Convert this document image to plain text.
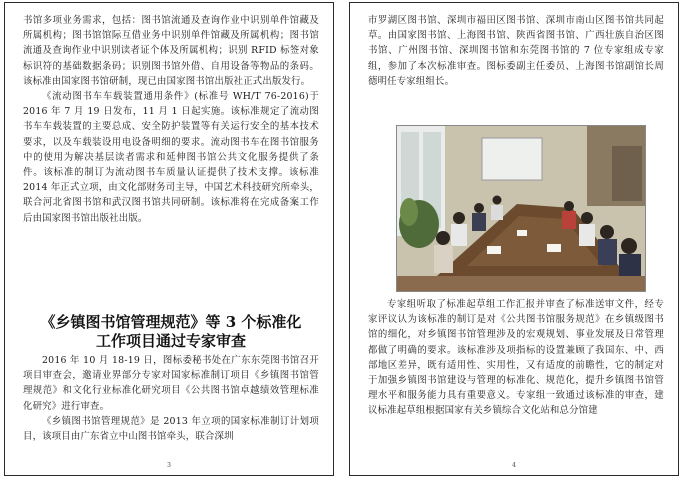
书馆多项业务需求，包括：图书馆流通及查询作业中识别单件馆藏及所属机构；图书馆馆际互借业务中识别单件馆藏及所属机构；图书馆流通及查询作业中识别读者证个体及所属机构；识别 RFID 标签对象标识符的基础数据条码；识别图书馆外借、自用设备等物品的条码。该标准由国家图书馆研制，现已由国家图书馆出版社正式出版发行。

《流动图书车车载装置通用条件》(标准号 WH/T 76-2016)于 2016 年 7 月 19 日发布，11 月 1 日起实施。该标准规定了流动图书车车载装置的主要总成、安全防护装置等有关运行安全的基本技术要求，以及车载装设用电设备明细的要求。流动图书车在图书馆服务中的使用为解决基层读者需求和延伸图书馆公共文化服务提供了条件。该标准的制订为流动图书车质量认证提供了技术支撑。该标准 2014 年正式立项，由文化部财务司主导，中国艺术科技研究所牵头，联合河北省图书馆和武汉图书馆共同研制。该标准将在完成备案工作后由国家图书馆出版社出版。

《乡镇图书馆管理规范》等 3 个标准化
工作项目通过专家审查

2016 年 10 月 18-19 日，图标委秘书处在广东东莞图书馆召开项目审查会，邀请业界部分专家对国家标准制订项目《乡镇图书馆管理规范》和文化行业标准化研究项目《公共图书馆卓越绩效管理标准化研究》进行审查。

《乡镇图书馆管理规范》是 2013 年立项的国家标准制订计划项目，该项目由广东省立中山图书馆牵头，联合深圳

3

市罗湖区图书馆、深圳市福田区图书馆、深圳市南山区图书馆共同起草。由国家图书馆、上海图书馆、陕西省图书馆、广西壮族自治区图书馆、广州图书馆、深圳图书馆和东莞图书馆的 7 位专家组成专家组，参加了本次标准审查。图标委副主任委员、上海图书馆副馆长周德明任专家组组长。

专家组听取了标准起草组工作汇报并审查了标准送审文件，经专家评议认为该标准的制订是对《公共图书馆服务规范》在乡镇级图书馆的细化，对乡镇图书馆管理涉及的宏观规划、事业发展及日常管理都做了明确的要求。该标准涉及项指标的设置兼顾了我国东、中、西部地区差异，既有适用性、实用性，又有适度的前瞻性，它的制定对于加强乡镇图书馆建设与管理的标准化、规范化，提升乡镇图书馆管理水平和服务能力具有重要意义。专家组一致通过该标准的审查，建议标准起草组根据国家有关乡镇综合文化站和总分馆建

4
